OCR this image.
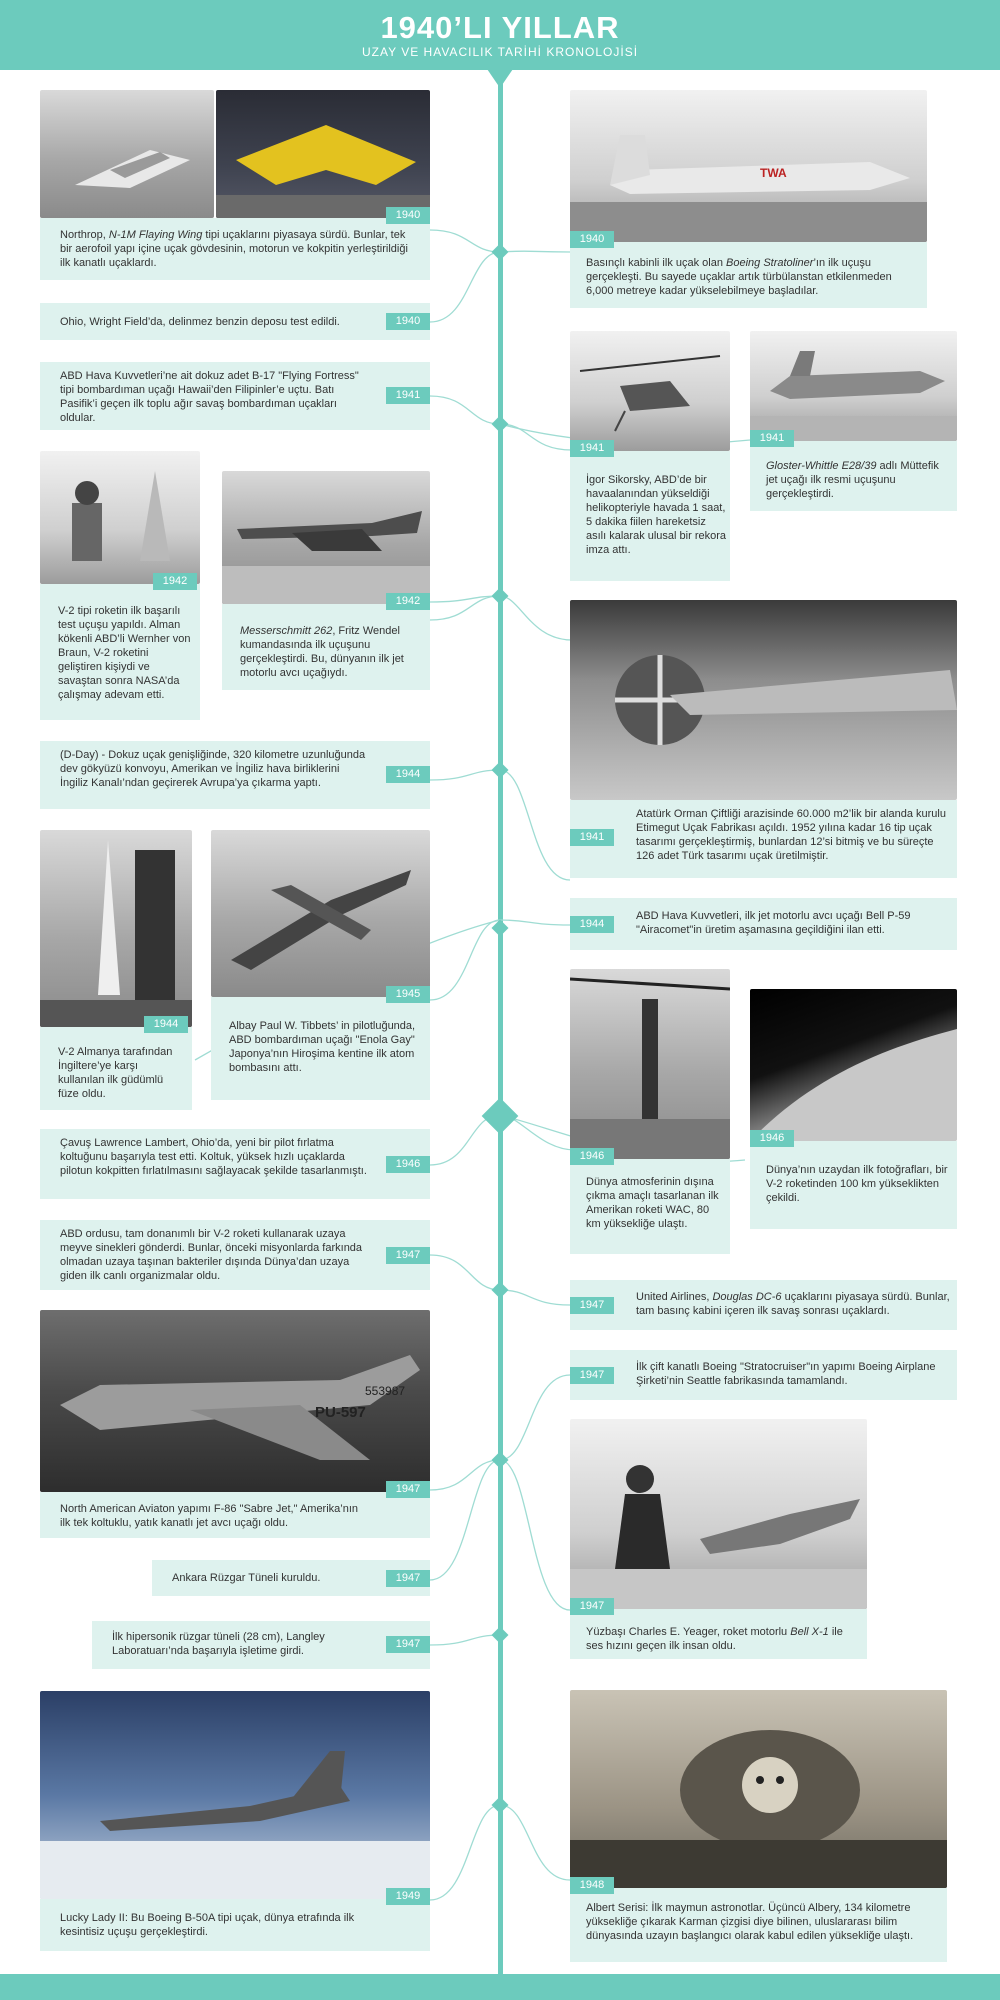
1940’LI YILLAR
UZAY VE HAVACILIK TARİHİ KRONOLOJİSİ
1940
Northrop, N-1M Flaying Wing tipi uçaklarını piyasaya sürdü. Bunlar, tek bir aerofoil yapı içine uçak gövdesinin, motorun ve kokpitin yerleştirildiği ilk kanatlı uçaklardı.
Ohio, Wright Field’da, delinmez benzin deposu test edildi.	1940
ABD Hava Kuvvetleri’ne ait dokuz adet B-17 "Flying Fortress" tipi bombardıman uçağı Hawaii’den Filipinler’e uçtu. Batı Pasifik’i geçen ilk toplu ağır savaş bombardıman uçakları oldular.
1941
1942
V-2 tipi roketin ilk başarılı test uçuşu yapıldı. Alman kökenli ABD’li Wernher von Braun, V-2 roketini geliştiren kişiydi ve savaştan sonra NASA’da çalışmay adevam etti.
1942
Messerschmitt 262, Fritz Wendel kumandasında ilk uçuşunu gerçekleştirdi. Bu, dünyanın ilk jet motorlu avcı uçağıydı.
(D-Day) - Dokuz uçak genişliğinde, 320 kilometre uzunluğunda dev gökyüzü konvoyu, Amerikan ve İngiliz hava birliklerini İngiliz Kanalı’ndan geçirerek Avrupa’ya çıkarma yaptı.
1944
1944
V-2 Almanya tarafından İngiltere’ye karşı kullanılan ilk güdümlü füze oldu.
1945
Albay Paul W. Tibbets’ in pilotluğunda, ABD bombardıman uçağı "Enola Gay" Japonya’nın Hiroşima kentine ilk atom bombasını attı.
Çavuş Lawrence Lambert, Ohio’da, yeni bir pilot fırlatma koltuğunu başarıyla test etti. Koltuk, yüksek hızlı uçaklarda pilotun kokpitten fırlatılmasını sağlayacak şekilde tasarlanmıştı.
1946
ABD ordusu, tam donanımlı bir V-2 roketi kullanarak uzaya meyve sinekleri gönderdi. Bunlar, önceki misyonlarda farkında olmadan uzaya taşınan bakteriler dışında Dünya’dan uzaya giden ilk canlı organizmalar oldu.
1947
553987
PU-597
1947
North American Aviaton yapımı F-86 "Sabre Jet," Amerika’nın ilk tek koltuklu, yatık kanatlı jet avcı uçağı oldu.
Ankara Rüzgar Tüneli kuruldu.	1947
İlk hipersonik rüzgar tüneli (28 cm), Langley Laboratuarı’nda başarıyla işletime girdi.
1947
1949
Lucky Lady II: Bu Boeing B-50A tipi uçak, dünya etrafında ilk kesintisiz uçuşu gerçekleştirdi.
TWA
1940
Basınçlı kabinli ilk uçak olan Boeing Stratoliner’ın ilk uçuşu gerçekleşti. Bu sayede uçaklar artık türbülanstan etkilenmeden 6,000 metreye kadar yükselebilmeye başladılar.
1941
İgor Sikorsky, ABD’de bir havaalanından yükseldiği helikopteriyle havada 1 saat, 5 dakika fiilen hareketsiz asılı kalarak ulusal bir rekora imza attı.
1941
Gloster-Whittle E28/39 adlı Müttefik jet uçağı ilk resmi uçuşunu gerçekleştirdi.
1941
Atatürk Orman Çiftliği arazisinde 60.000 m2’lik bir alanda kurulu Etimegut Uçak Fabrikası açıldı. 1952 yılına kadar 16 tip uçak tasarımı gerçekleştirmiş, bunlardan 12’si bitmiş ve bu süreçte 126 adet Türk tasarımı uçak üretilmiştir.
1944
ABD Hava Kuvvetleri, ilk jet motorlu avcı uçağı Bell P-59 "Airacomet"in üretim aşamasına geçildiğini ilan etti.
1946
Dünya atmosferinin dışına çıkma amaçlı tasarlanan ilk Amerikan roketi WAC, 80 km yüksekliğe ulaştı.
1946
Dünya’nın uzaydan ilk fotoğrafları, bir V-2 roketinden 100 km yükseklikten çekildi.
1947
United Airlines, Douglas DC-6 uçaklarını piyasaya sürdü. Bunlar, tam basınç kabini içeren ilk savaş sonrası uçaklardı.
1947
İlk çift kanatlı Boeing "Stratocruiser"ın yapımı Boeing Airplane Şirketi’nin Seattle fabrikasında tamamlandı.
1947
Yüzbaşı Charles E. Yeager, roket motorlu Bell X-1 ile ses hızını geçen ilk insan oldu.
1948
Albert Serisi: İlk maymun astronotlar. Üçüncü Albery, 134 kilometre yüksekliğe çıkarak Karman çizgisi diye bilinen, uluslararası bilim dünyasında uzayın başlangıcı olarak kabul edilen yüksekliğe ulaştı.
